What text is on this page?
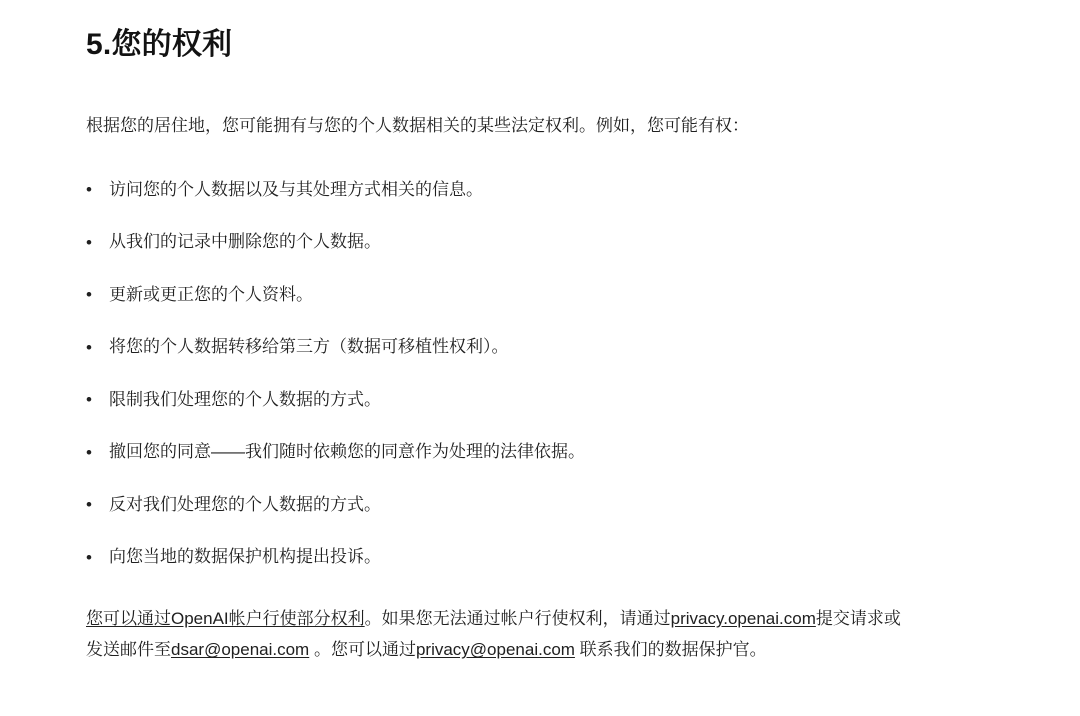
5.您的权利

根据您的居住地，您可能拥有与您的个人数据相关的某些法定权利。例如，您可能有权：

• 访问您的个人数据以及与其处理方式相关的信息。
• 从我们的记录中删除您的个人数据。
• 更新或更正您的个人资料。
• 将您的个人数据转移给第三方（数据可移植性权利）。
• 限制我们处理您的个人数据的方式。
• 撤回您的同意——我们随时依赖您的同意作为处理的法律依据。
• 反对我们处理您的个人数据的方式。
• 向您当地的数据保护机构提出投诉。

您可以通过OpenAI帐户行使部分权利。如果您无法通过帐户行使权利，请通过privacy.openai.com提交请求或发送邮件至dsar@openai.com 。您可以通过privacy@openai.com 联系我们的数据保护官。
